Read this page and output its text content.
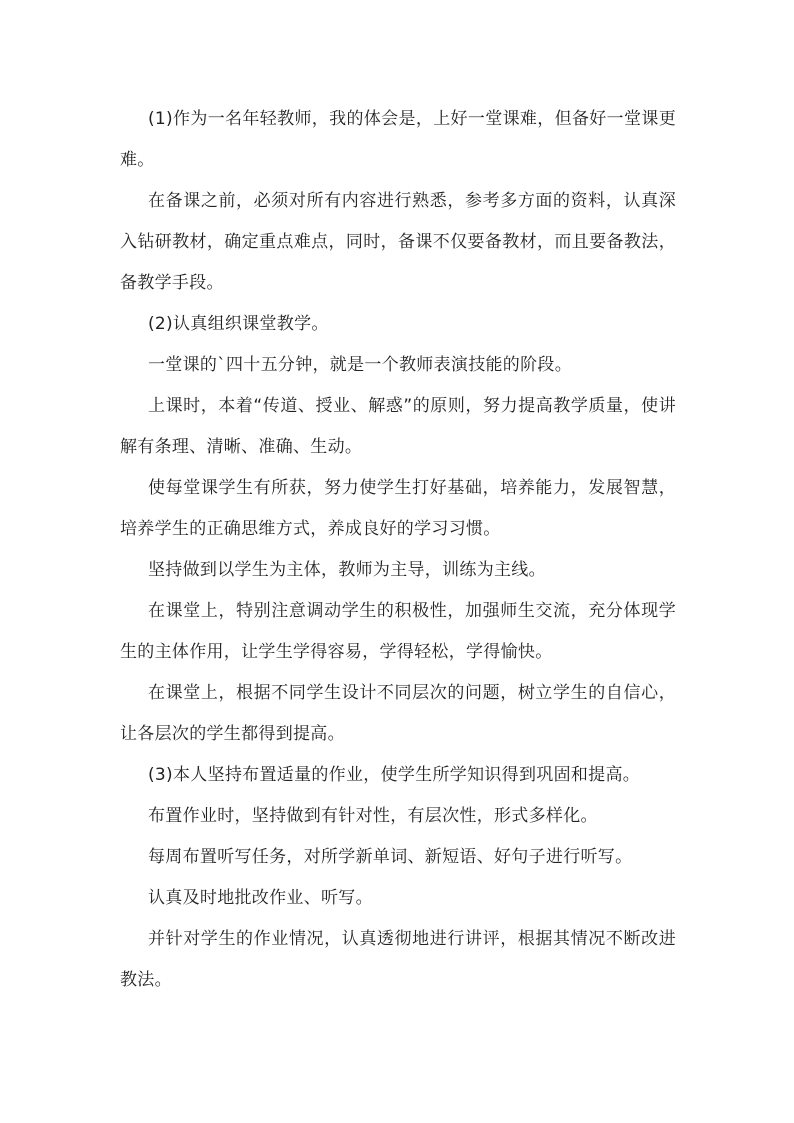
(1)作为一名年轻教师，我的体会是，上好一堂课难，但备好一堂课更难。

在备课之前，必须对所有内容进行熟悉，参考多方面的资料，认真深入钻研教材，确定重点难点，同时，备课不仅要备教材，而且要备教法，备教学手段。

(2)认真组织课堂教学。

一堂课的`四十五分钟，就是一个教师表演技能的阶段。

上课时，本着“传道、授业、解惑”的原则，努力提高教学质量，使讲解有条理、清晰、准确、生动。

使每堂课学生有所获，努力使学生打好基础，培养能力，发展智慧，培养学生的正确思维方式，养成良好的学习习惯。

坚持做到以学生为主体，教师为主导，训练为主线。

在课堂上，特别注意调动学生的积极性，加强师生交流，充分体现学生的主体作用，让学生学得容易，学得轻松，学得愉快。

在课堂上，根据不同学生设计不同层次的问题，树立学生的自信心，让各层次的学生都得到提高。

(3)本人坚持布置适量的作业，使学生所学知识得到巩固和提高。

布置作业时，坚持做到有针对性，有层次性，形式多样化。

每周布置听写任务，对所学新单词、新短语、好句子进行听写。

认真及时地批改作业、听写。

并针对学生的作业情况，认真透彻地进行讲评，根据其情况不断改进教法。
